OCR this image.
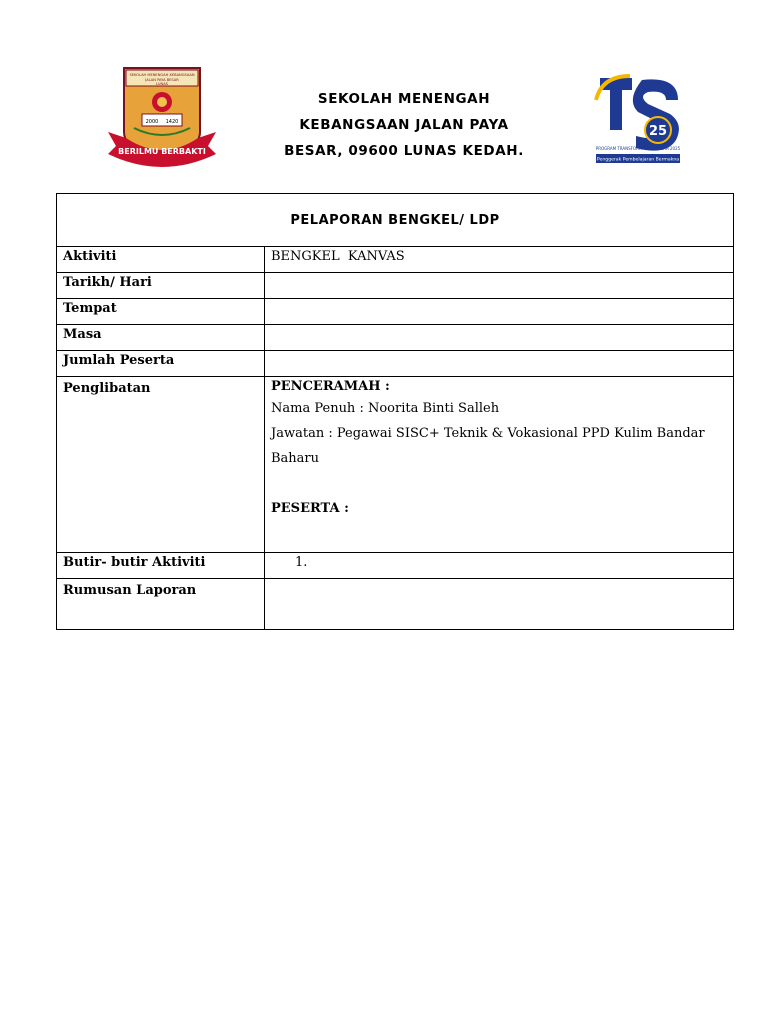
SEKOLAH MENENGAH KEBANGSAAN
JALAN PAYA BESAR
LUNAS
2000 1420
BERILMU BERBAKTI
SEKOLAH MENENGAH
KEBANGSAAN JALAN PAYA
BESAR, 09600 LUNAS KEDAH.
25
PROGRAM TRANSFORMASI SEKOLAH 2025
Penggerak Pembelajaran Bermakna
PELAPORAN BENGKEL/ LDP	
Aktiviti	BENGKEL  KANVAS
Tarikh/ Hari	
Tempat	
Masa	
Jumlah Peserta	
Penglibatan	PENCERAMAH :
Nama Penuh : Noorita Binti Salleh
Jawatan : Pegawai SISC+ Teknik & Vokasional PPD Kulim Bandar
Baharu
PESERTA :

Butir- butir Aktiviti	1.
Rumusan Laporan	
